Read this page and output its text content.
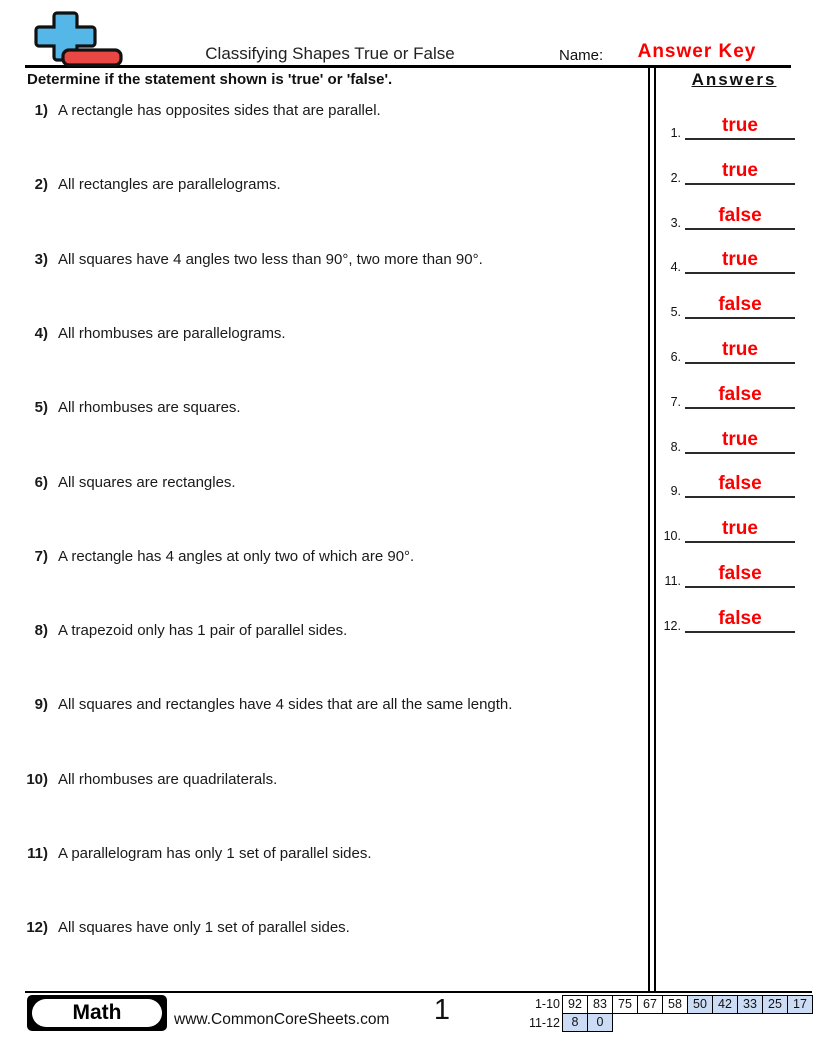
Classifying Shapes True or False	Name:	Answer Key
Determine if the statement shown is 'true' or 'false'.
1) A rectangle has opposites sides that are parallel.
2) All rectangles are parallelograms.
3) All squares have 4 angles two less than 90°, two more than 90°.
4) All rhombuses are parallelograms.
5) All rhombuses are squares.
6) All squares are rectangles.
7) A rectangle has 4 angles at only two of which are 90°.
8) A trapezoid only has 1 pair of parallel sides.
9) All squares and rectangles have 4 sides that are all the same length.
10) All rhombuses are quadrilaterals.
11) A parallelogram has only 1 set of parallel sides.
12) All squares have only 1 set of parallel sides.
Answers
1.	true
2.	true
3.	false
4.	true
5.	false
6.	true
7.	false
8.	true
9.	false
10.	true
11.	false
12.	false
Math	www.CommonCoreSheets.com	1	1-10 92 83 75 67 58 50 42 33 25 17
11-12 8	0
